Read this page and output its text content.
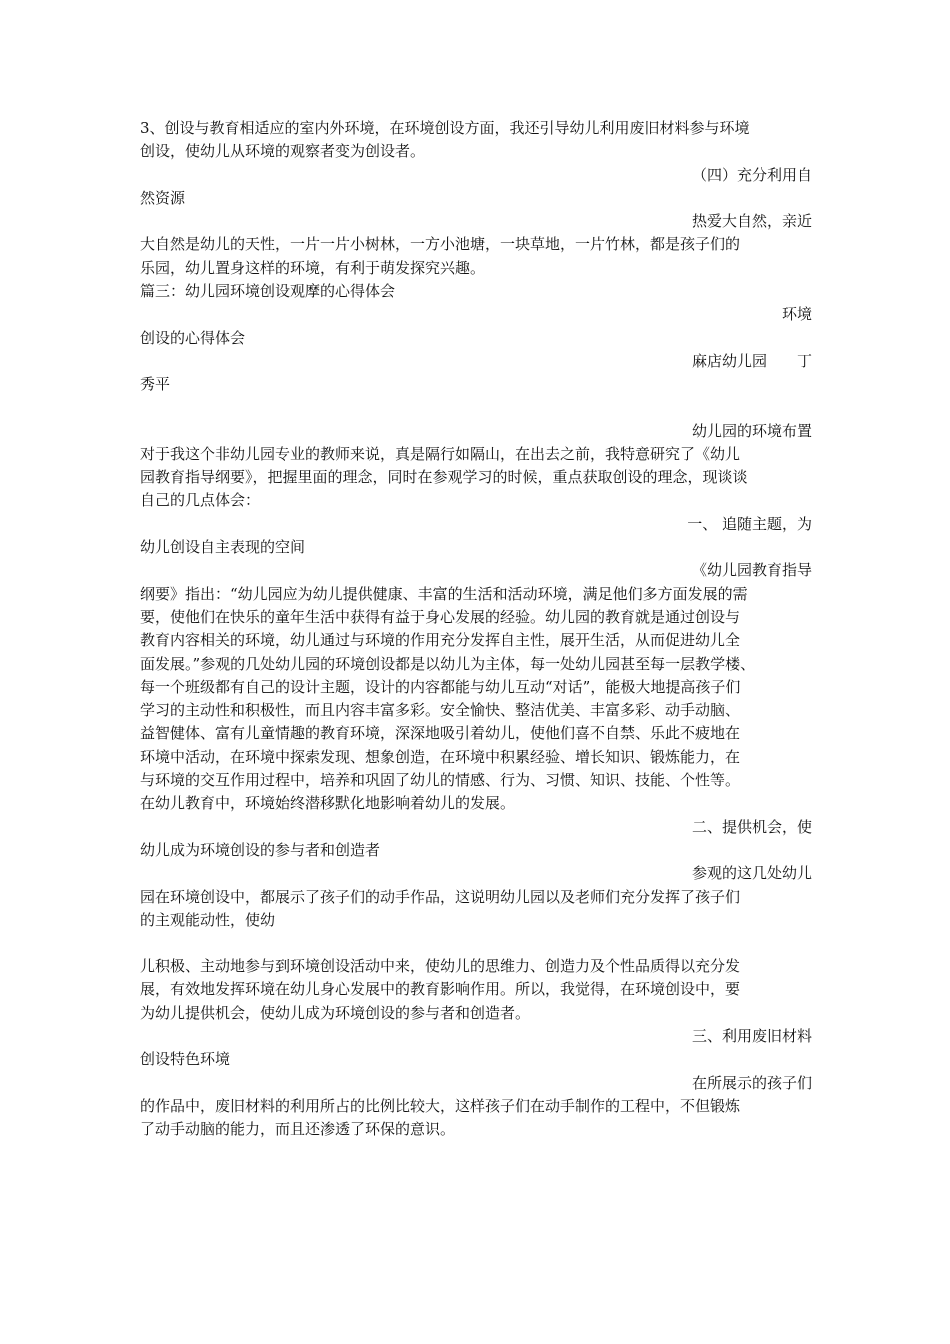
3、创设与教育相适应的室内外环境，在环境创设方面，我还引导幼儿利用废旧材料参与环境
创设，使幼儿从环境的观察者变为创设者。
（四）充分利用自
然资源
热爱大自然，亲近
大自然是幼儿的天性，一片一片小树林，一方小池塘，一块草地，一片竹林，都是孩子们的
乐园，幼儿置身这样的环境，有利于萌发探究兴趣。
篇三：幼儿园环境创设观摩的心得体会
环境
创设的心得体会
麻店幼儿园　　丁
秀平
幼儿园的环境布置
对于我这个非幼儿园专业的教师来说，真是隔行如隔山，在出去之前，我特意研究了《幼儿
园教育指导纲要》，把握里面的理念，同时在参观学习的时候，重点获取创设的理念，现谈谈
自己的几点体会：
一、 追随主题，为
幼儿创设自主表现的空间
《幼儿园教育指导
纲要》指出：“幼儿园应为幼儿提供健康、丰富的生活和活动环境，满足他们多方面发展的需
要，使他们在快乐的童年生活中获得有益于身心发展的经验。幼儿园的教育就是通过创设与
教育内容相关的环境，幼儿通过与环境的作用充分发挥自主性，展开生活，从而促进幼儿全
面发展。”参观的几处幼儿园的环境创设都是以幼儿为主体，每一处幼儿园甚至每一层教学楼、
每一个班级都有自己的设计主题，设计的内容都能与幼儿互动“对话”，能极大地提高孩子们
学习的主动性和积极性，而且内容丰富多彩。安全愉快、整洁优美、丰富多彩、动手动脑、
益智健体、富有儿童情趣的教育环境，深深地吸引着幼儿，使他们喜不自禁、乐此不疲地在
环境中活动，在环境中探索发现、想象创造，在环境中积累经验、增长知识、锻炼能力，在
与环境的交互作用过程中，培养和巩固了幼儿的情感、行为、习惯、知识、技能、个性等。
在幼儿教育中，环境始终潜移默化地影响着幼儿的发展。
二、提供机会，使
幼儿成为环境创设的参与者和创造者
参观的这几处幼儿
园在环境创设中，都展示了孩子们的动手作品，这说明幼儿园以及老师们充分发挥了孩子们
的主观能动性，使幼
儿积极、主动地参与到环境创设活动中来，使幼儿的思维力、创造力及个性品质得以充分发
展，有效地发挥环境在幼儿身心发展中的教育影响作用。所以，我觉得，在环境创设中，要
为幼儿提供机会，使幼儿成为环境创设的参与者和创造者。
三、利用废旧材料
创设特色环境
在所展示的孩子们
的作品中，废旧材料的利用所占的比例比较大，这样孩子们在动手制作的工程中，不但锻炼
了动手动脑的能力，而且还渗透了环保的意识。
